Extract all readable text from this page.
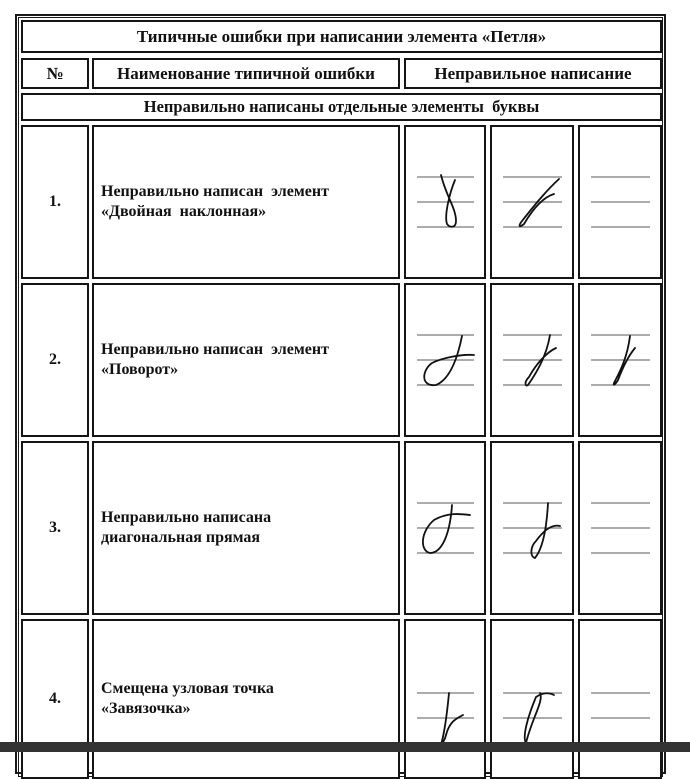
Типичные ошибки при написании элемента «Петля»
№	Наименование типичной ошибки	Неправильное написание
Неправильно написаны отдельные элементы  буквы
1.
Неправильно написан  элемент
«Двойная  наклонная»
2.
Неправильно написан  элемент
«Поворот»
3.
Неправильно написана
диагональная прямая
4.
Смещена узловая точка
«Завязочка»
